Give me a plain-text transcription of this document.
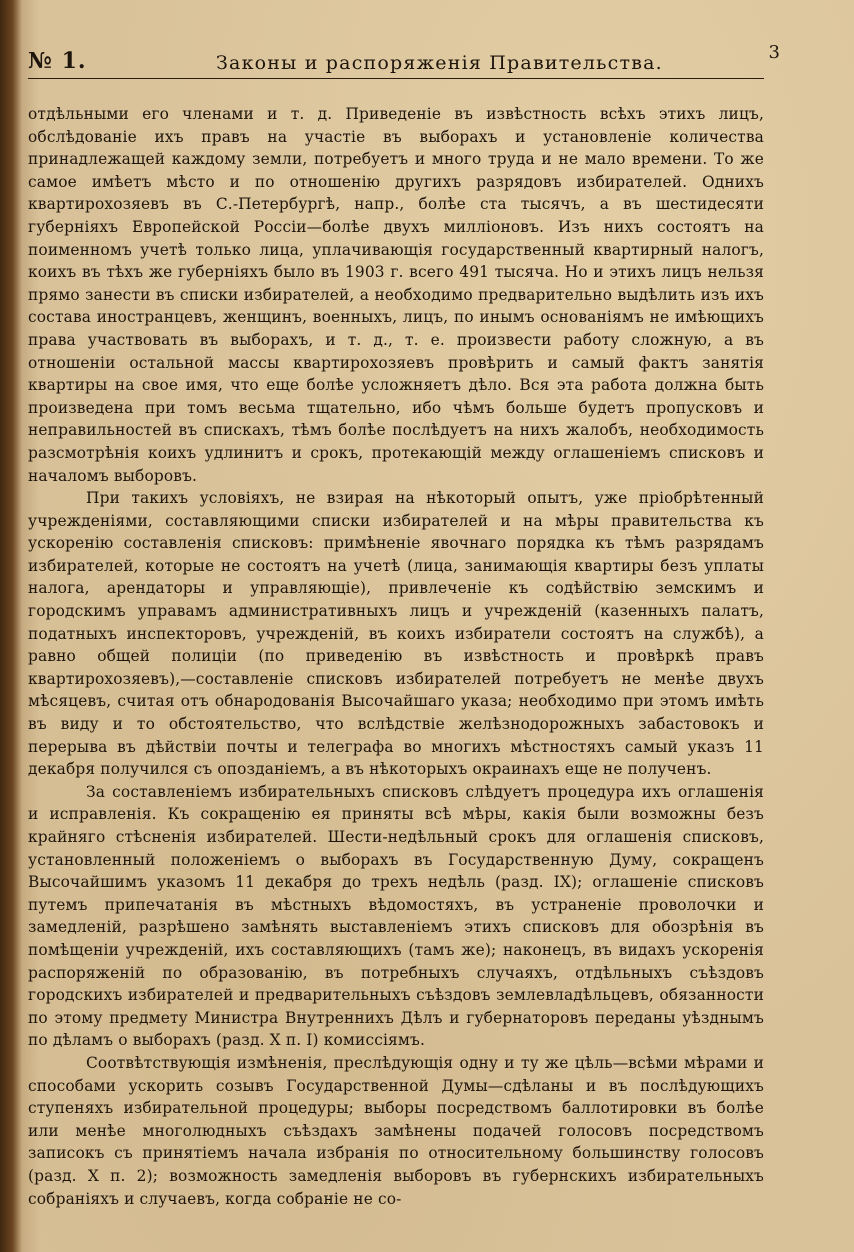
№ 1.	Законы и распоряженія Правительства.	3

отдѣльными его членами и т. д. Приведеніе въ извѣстность всѣхъ этихъ лицъ, обслѣдованіе ихъ правъ на участіе въ выборахъ и установленіе количества принадлежащей каждому земли, потребуетъ и много труда и не мало времени. То же самое имѣетъ мѣсто и по отношенію другихъ разрядовъ избирателей. Однихъ квартирохозяевъ въ С.-Петербургѣ, напр., болѣе ста тысячъ, а въ шестидесяти губерніяхъ Европейской Россіи—болѣе двухъ милліоновъ. Изъ нихъ состоятъ на поименномъ учетѣ только лица, уплачивающія государственный квартирный налогъ, коихъ въ тѣхъ же губерніяхъ было въ 1903 г. всего 491 тысяча. Но и этихъ лицъ нельзя прямо занести въ списки избирателей, а необходимо предварительно выдѣлить изъ ихъ состава иностранцевъ, женщинъ, военныхъ, лицъ, по инымъ основаніямъ не имѣющихъ права участвовать въ выборахъ, и т. д., т. е. произвести работу сложную, а въ отношеніи остальной массы квартирохозяевъ провѣрить и самый фактъ занятія квартиры на свое имя, что еще болѣе усложняетъ дѣло. Вся эта работа должна быть произведена при томъ весьма тщательно, ибо чѣмъ больше будетъ пропусковъ и неправильностей въ спискахъ, тѣмъ болѣе послѣдуетъ на нихъ жалобъ, необходимость разсмотрѣнія коихъ удлинитъ и срокъ, протекающій между оглашеніемъ списковъ и началомъ выборовъ.

При такихъ условіяхъ, не взирая на нѣкоторый опытъ, уже пріобрѣтенный учрежденіями, составляющими списки избирателей и на мѣры правительства къ ускоренію составленія списковъ: примѣненіе явочнаго порядка къ тѣмъ разрядамъ избирателей, которые не состоятъ на учетѣ (лица, занимающія квартиры безъ уплаты налога, арендаторы и управляющіе), привлеченіе къ содѣйствію земскимъ и городскимъ управамъ административныхъ лицъ и учрежденій (казенныхъ палатъ, податныхъ инспекторовъ, учрежденій, въ коихъ избиратели состоятъ на службѣ), а равно общей полиціи (по приведенію въ извѣстность и провѣркѣ правъ квартирохозяевъ),—составленіе списковъ избирателей потребуетъ не менѣе двухъ мѣсяцевъ, считая отъ обнародованія Высочайшаго указа; необходимо при этомъ имѣть въ виду и то обстоятельство, что вслѣдствіе желѣзнодорожныхъ забастовокъ и перерыва въ дѣйствіи почты и телеграфа во многихъ мѣстностяхъ самый указъ 11 декабря получился съ опозданіемъ, а въ нѣкоторыхъ окраинахъ еще не полученъ.

За составленіемъ избирательныхъ списковъ слѣдуетъ процедура ихъ оглашенія и исправленія. Къ сокращенію ея приняты всѣ мѣры, какія были возможны безъ крайняго стѣсненія избирателей. Шести-недѣльный срокъ для оглашенія списковъ, установленный положеніемъ о выборахъ въ Государственную Думу, сокращенъ Высочайшимъ указомъ 11 декабря до трехъ недѣль (разд. IX); оглашеніе списковъ путемъ припечатанія въ мѣстныхъ вѣдомостяхъ, въ устраненіе проволочки и замедленій, разрѣшено замѣнять выставленіемъ этихъ списковъ для обозрѣнія въ помѣщеніи учрежденій, ихъ составляющихъ (тамъ же); наконецъ, въ видахъ ускоренія распоряженій по образованію, въ потребныхъ случаяхъ, отдѣльныхъ съѣздовъ городскихъ избирателей и предварительныхъ съѣздовъ землевладѣльцевъ, обязанности по этому предмету Министра Внутреннихъ Дѣлъ и губернаторовъ переданы уѣзднымъ по дѣламъ о выборахъ (разд. X п. I) комиссіямъ.

Соотвѣтствующія измѣненія, преслѣдующія одну и ту же цѣль—всѣми мѣрами и способами ускорить созывъ Государственной Думы—сдѣланы и въ послѣдующихъ ступеняхъ избирательной процедуры; выборы посредствомъ баллотировки въ болѣе или менѣе многолюдныхъ съѣздахъ замѣнены подачей голосовъ посредствомъ записокъ съ принятіемъ начала избранія по относительному большинству голосовъ (разд. X п. 2); возможность замедленія выборовъ въ губернскихъ избирательныхъ собраніяхъ и случаевъ, когда собраніе не со-
